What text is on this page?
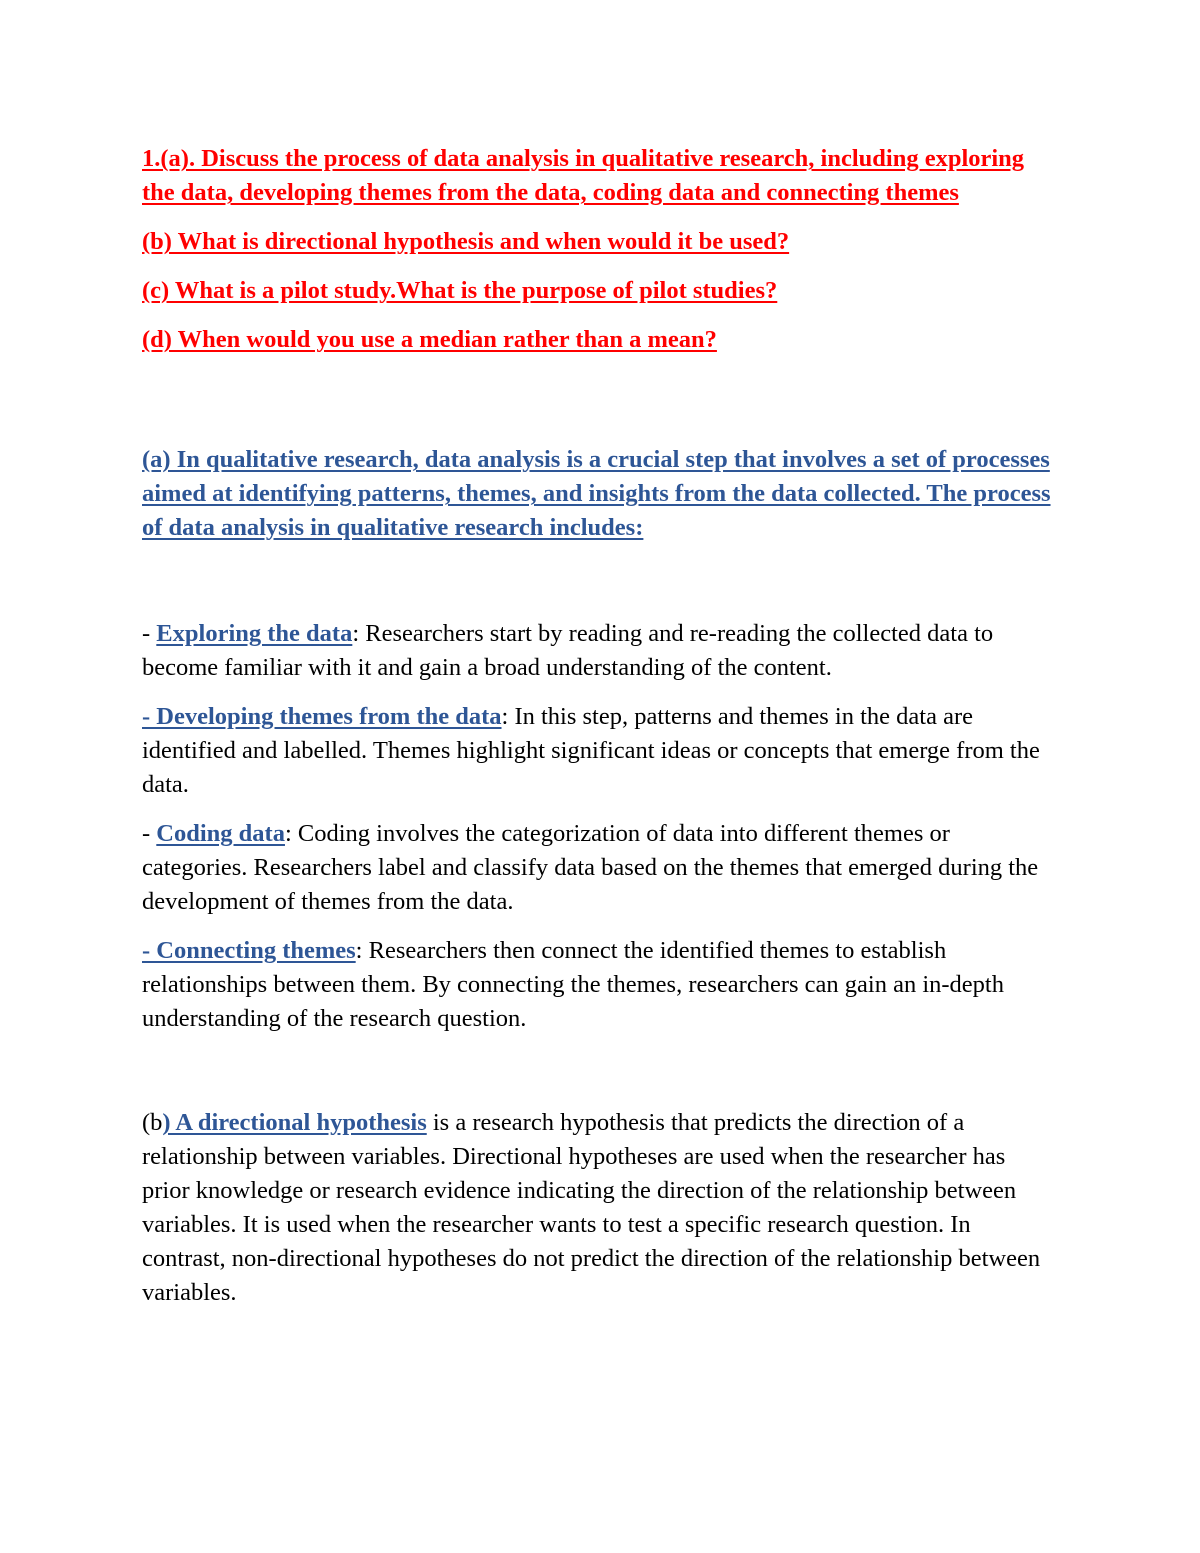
1.(a). Discuss the process of data analysis in qualitative research, including exploring the data, developing themes from the data, coding data and connecting themes

(b) What is directional hypothesis and when would it be used?

(c) What is a pilot study.What is the purpose of pilot studies?

(d) When would you use a median rather than a mean?

(a) In qualitative research, data analysis is a crucial step that involves a set of processes aimed at identifying patterns, themes, and insights from the data collected. The process of data analysis in qualitative research includes:

- Exploring the data: Researchers start by reading and re-reading the collected data to become familiar with it and gain a broad understanding of the content.

- Developing themes from the data: In this step, patterns and themes in the data are identified and labelled. Themes highlight significant ideas or concepts that emerge from the data.

- Coding data: Coding involves the categorization of data into different themes or categories. Researchers label and classify data based on the themes that emerged during the development of themes from the data.

- Connecting themes: Researchers then connect the identified themes to establish relationships between them. By connecting the themes, researchers can gain an in-depth understanding of the research question.

(b) A directional hypothesis is a research hypothesis that predicts the direction of a relationship between variables. Directional hypotheses are used when the researcher has prior knowledge or research evidence indicating the direction of the relationship between variables. It is used when the researcher wants to test a specific research question. In contrast, non-directional hypotheses do not predict the direction of the relationship between variables.
